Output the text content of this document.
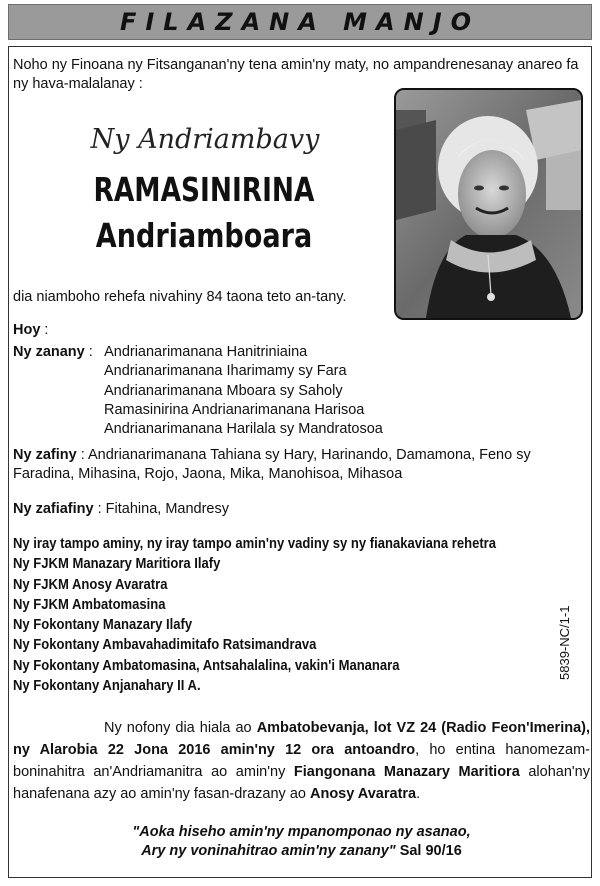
FILAZANA MANJO
Noho ny Finoana ny Fitsanganan'ny tena amin'ny maty, no ampandrenesanay anareo fa ny hava-malalanay :
Ny Andriambavy
RAMASINIRINA
Andriamboara
dia niamboho rehefa nivahiny 84 taona teto an-tany.
Hoy :
Ny zanany :   Andrianarimanana Hanitriniaina
Andrianarimanana Iharimamy sy Fara
Andrianarimanana Mboara sy Saholy
Ramasinirina Andrianarimanana Harisoa
Andrianarimanana Harilala sy Mandratosoa
Ny zafiny : Andrianarimanana Tahiana sy Hary, Harinando, Damamona, Feno sy Faradina, Mihasina, Rojo, Jaona, Mika, Manohisoa, Mihasoa
Ny zafiafiny : Fitahina, Mandresy
Ny iray tampo aminy, ny iray tampo amin'ny vadiny sy ny fianakaviana rehetra
Ny FJKM Manazary Maritiora Ilafy
Ny FJKM Anosy Avaratra
Ny FJKM Ambatomasina
Ny Fokontany Manazary Ilafy
Ny Fokontany Ambavahadimitafo Ratsimandrava
Ny Fokontany Ambatomasina, Antsahalalina, vakin'i Mananara
Ny Fokontany Anjanahary II A.
5839-NC/1-1
Ny nofony dia hiala ao Ambatobevanja, lot VZ 24 (Radio Feon'Imerina), ny Alarobia 22 Jona 2016 amin'ny 12 ora antoandro, ho entina hanomezam-boninahitra an'Andriamanitra ao amin'ny Fiangonana Manazary Maritiora alohan'ny hanafenana azy ao amin'ny fasan-drazany ao Anosy Avaratra.
"Aoka hiseho amin'ny mpanomponao ny asanao,
Ary ny voninahitrao amin'ny zanany" Sal 90/16
